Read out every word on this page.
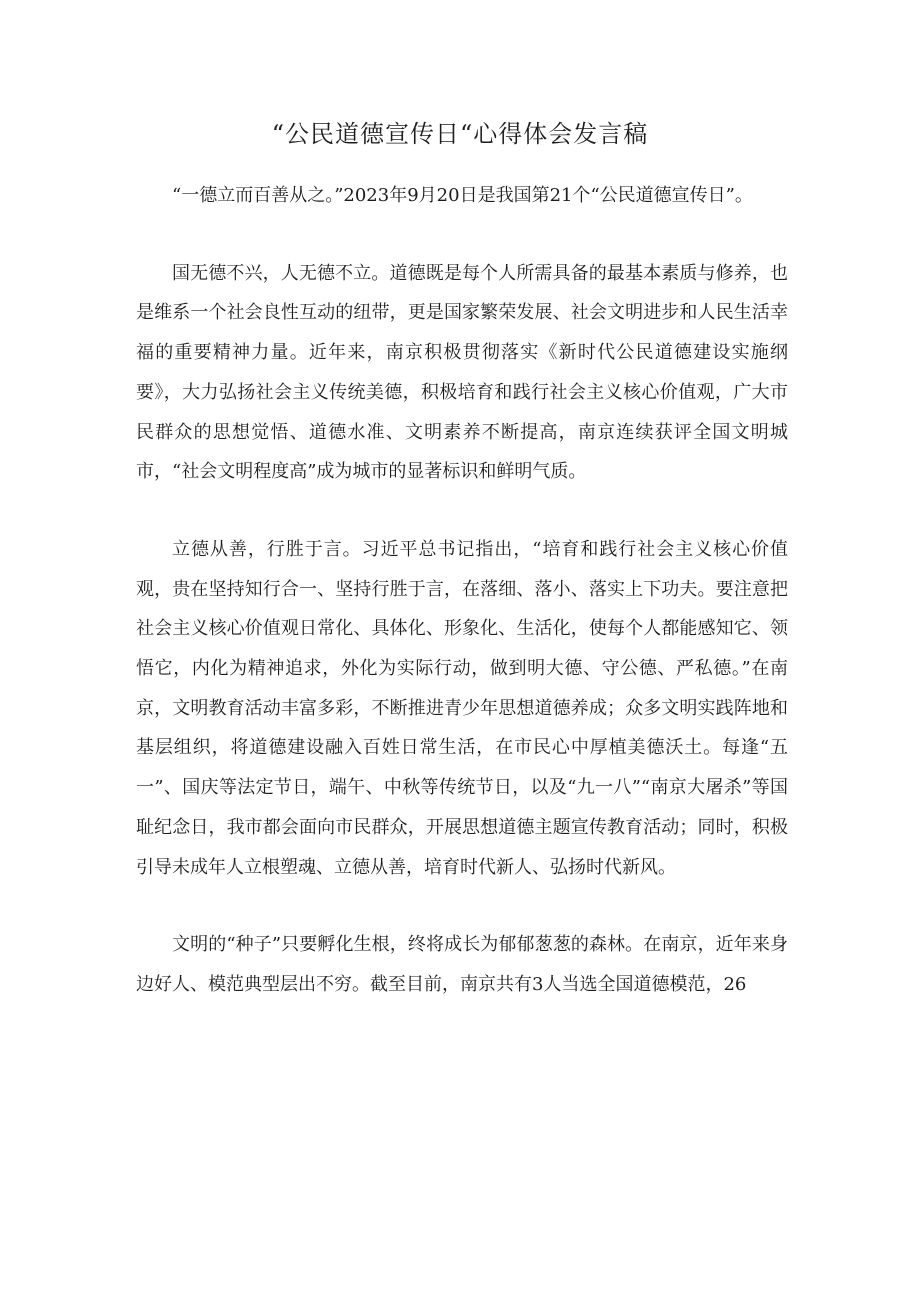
“公民道德宣传日“心得体会发言稿

“一德立而百善从之。”2023年9月20日是我国第21个“公民道德宣传日”。

国无德不兴，人无德不立。道德既是每个人所需具备的最基本素质与修养，也是维系一个社会良性互动的纽带，更是国家繁荣发展、社会文明进步和人民生活幸福的重要精神力量。近年来，南京积极贯彻落实《新时代公民道德建设实施纲要》，大力弘扬社会主义传统美德，积极培育和践行社会主义核心价值观，广大市民群众的思想觉悟、道德水准、文明素养不断提高，南京连续获评全国文明城市，“社会文明程度高”成为城市的显著标识和鲜明气质。

立德从善，行胜于言。习近平总书记指出，“培育和践行社会主义核心价值观，贵在坚持知行合一、坚持行胜于言，在落细、落小、落实上下功夫。要注意把社会主义核心价值观日常化、具体化、形象化、生活化，使每个人都能感知它、领悟它，内化为精神追求，外化为实际行动，做到明大德、守公德、严私德。”在南京，文明教育活动丰富多彩，不断推进青少年思想道德养成；众多文明实践阵地和基层组织，将道德建设融入百姓日常生活，在市民心中厚植美德沃土。每逢“五一”、国庆等法定节日，端午、中秋等传统节日，以及“九一八”“南京大屠杀”等国耻纪念日，我市都会面向市民群众，开展思想道德主题宣传教育活动；同时，积极引导未成年人立根塑魂、立德从善，培育时代新人、弘扬时代新风。

文明的“种子”只要孵化生根，终将成长为郁郁葱葱的森林。在南京，近年来身边好人、模范典型层出不穷。截至目前，南京共有3人当选全国道德模范，26
